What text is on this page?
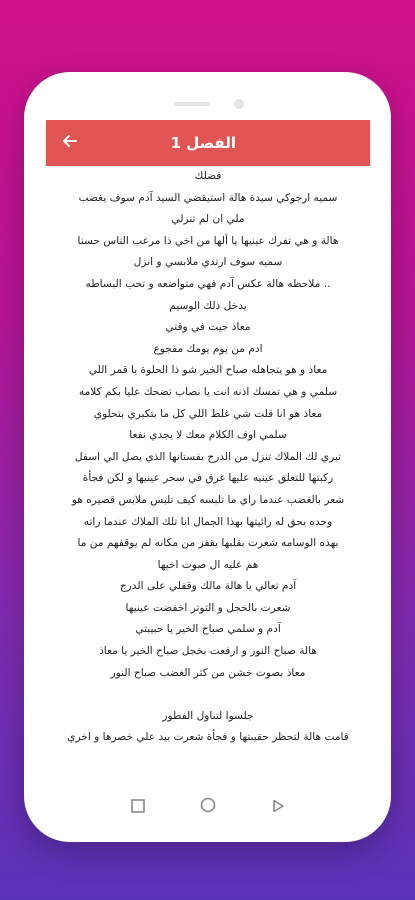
الفصل 1
فضلك
سميه ارجوكي سيدة هالة استيقضي السيد آدم سوف يغضب
ملي ان لم تنزلي
هالة و هي تفرك عينيها يا ألها من اخي ذا مرعب الناس حسنا
سميه سوف ارتدي ملابسي و انزل
.. ملاحظه هالة عكس آدم فهي متواضعه و تحب البساطه
يدخل ذلك الوسيم
معاذ جيت في وقتي
ادم من يوم يومك مفجوع
معاذ و هو يتجاهله صباح الخير شو ذا الحلوة يا قمر اللي
سلمي و هي تمسك اذنه انت يا نصاب تضحك عليا بكم كلامه
معاذ هو انا قلت شي غلط اللي كل ما بتكبري بتحلوي
سلمي اوف الكلام معك لا يجدي نفعا
تبري لك الملاك تنزل من الدرج بفستانها الذي يصل الي اسفل
ركبتها للتعلق عينيه عليها غرق في سحر عينيها و لكن فجأة
شعر بالغضب عندما راي ما تلبسه كيف تلبس ملابس قصيره هو
وحده يحق له رائيتها بهذا الجمال انا تلك الملاك عندما راته
بهذه الوسامه شعرت بقلبها يقفز من مكانه لم يوقفهم من ما
هم عليه ال صوت اخيها
آدم تعالي يا هالة مالك وقفلي على الدرج
شعرت بالخجل و التوتر اخفضت عينيها
آدم و سلمي صباح الخير يا حبيبتي
هالة صباح النور و ارفعت بخجل صباح الخير يا معاذ
معاذ بصوت خشن من كثر الغضب صباح النور
جلسوا لتناول الفطور
قامت هالة لتحظر حقيبتها و فجأة شعرت بيد علي خصرها و اخري
